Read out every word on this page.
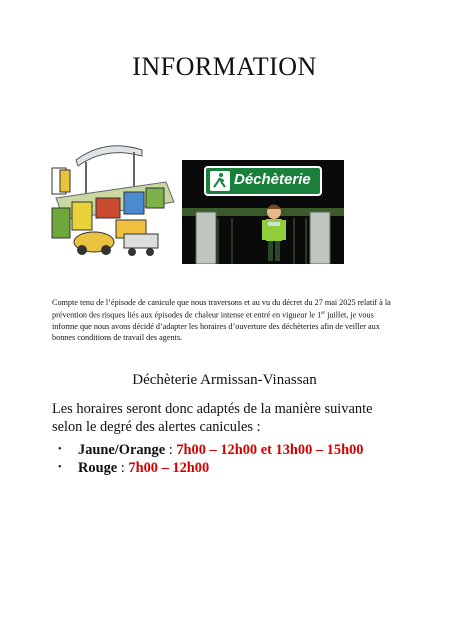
INFORMATION
Déchèterie
Compte tenu de l’épisode de canicule que nous traversons et au vu du décret du 27 mai 2025 relatif à la prévention des risques liés aux épisodes de chaleur intense et entré en vigueur le 1er juillet, je vous informe que nous avons décidé d’adapter les horaires d’ouverture des déchèteries afin de veiller aux bonnes conditions de travail des agents.
Déchèterie Armissan-Vinassan
Les horaires seront donc adaptés de la manière suivante selon le degré des alertes canicules :
• Jaune/Orange : 7h00 – 12h00 et 13h00 – 15h00
• Rouge : 7h00 – 12h00
